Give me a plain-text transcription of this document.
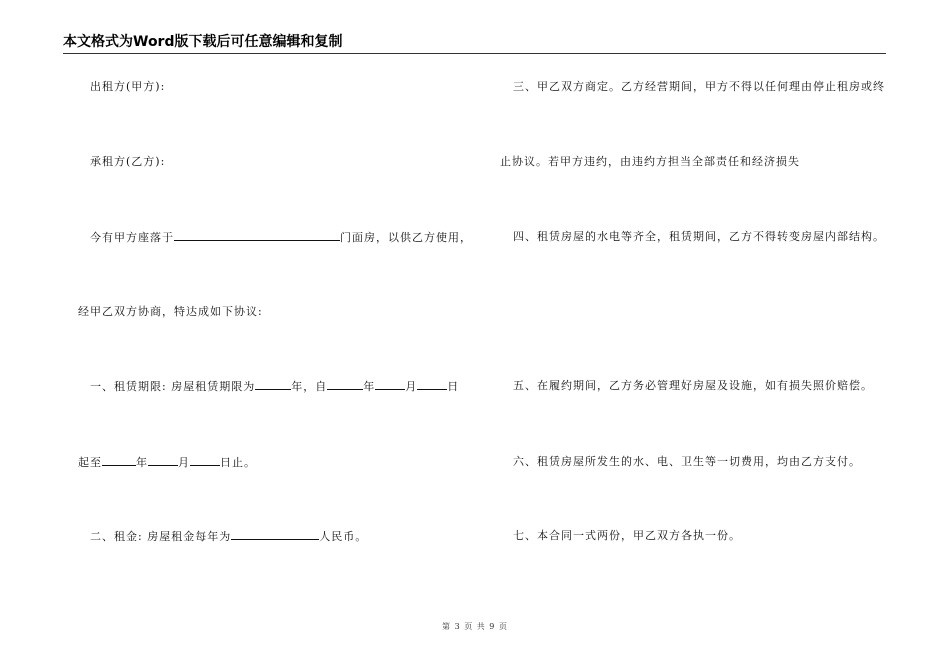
本文格式为Word版下载后可任意编辑和复制
出租方(甲方):
承租方(乙方):
今有甲方座落于	门面房，以供乙方使用，
经甲乙双方协商，特达成如下协议:
一、租赁期限: 房屋租赁期限为	年，自	年	月	日
起至	年	月	日止。
二、租金: 房屋租金每年为	人民币。
三、甲乙双方商定。乙方经营期间，甲方不得以任何理由停止租房或终
止协议。若甲方违约，由违约方担当全部责任和经济损失
四、租赁房屋的水电等齐全，租赁期间，乙方不得转变房屋内部结构。
五、在履约期间，乙方务必管理好房屋及设施，如有损失照价赔偿。
六、租赁房屋所发生的水、电、卫生等一切费用，均由乙方支付。
七、本合同一式两份，甲乙双方各执一份。
第 3 页 共 9 页
